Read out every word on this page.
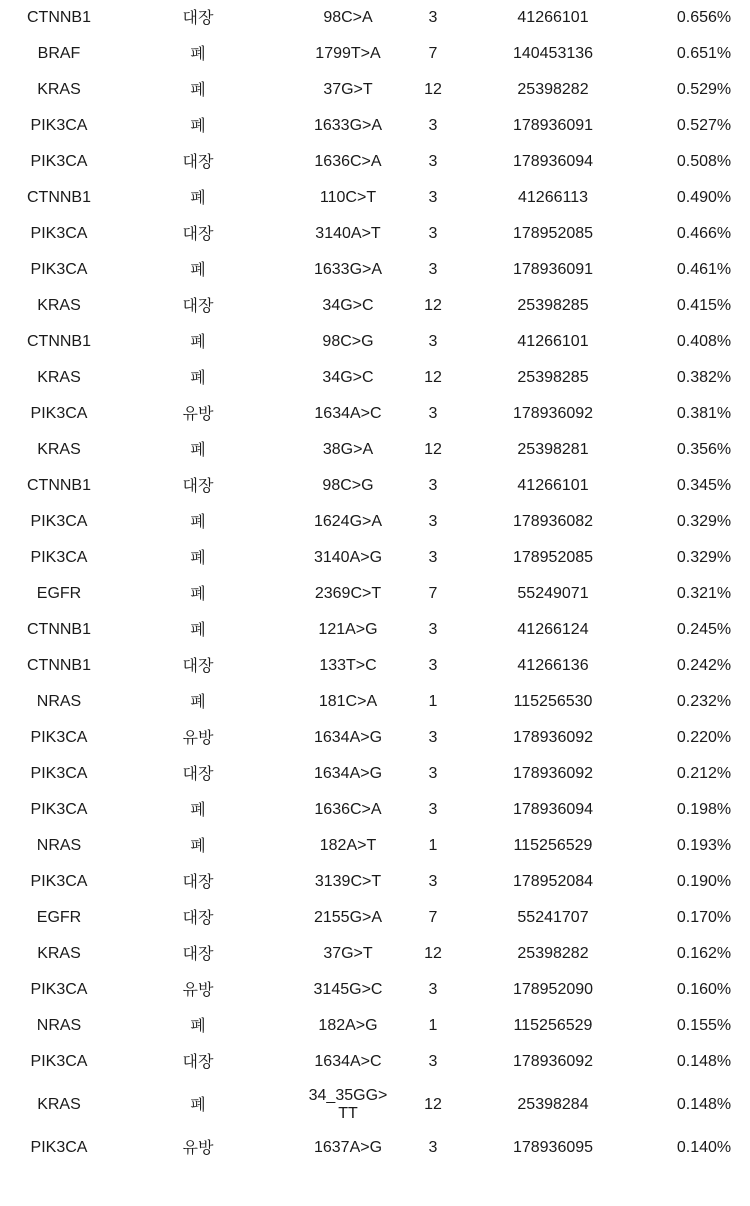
CTNNB1	대장	98C>A	3	41266101	0.656%
BRAF	폐	1799T>A	7	140453136	0.651%
KRAS	폐	37G>T	12	25398282	0.529%
PIK3CA	폐	1633G>A	3	178936091	0.527%
PIK3CA	대장	1636C>A	3	178936094	0.508%
CTNNB1	폐	110C>T	3	41266113	0.490%
PIK3CA	대장	3140A>T	3	178952085	0.466%
PIK3CA	폐	1633G>A	3	178936091	0.461%
KRAS	대장	34G>C	12	25398285	0.415%
CTNNB1	폐	98C>G	3	41266101	0.408%
KRAS	폐	34G>C	12	25398285	0.382%
PIK3CA	유방	1634A>C	3	178936092	0.381%
KRAS	폐	38G>A	12	25398281	0.356%
CTNNB1	대장	98C>G	3	41266101	0.345%
PIK3CA	폐	1624G>A	3	178936082	0.329%
PIK3CA	폐	3140A>G	3	178952085	0.329%
EGFR	폐	2369C>T	7	55249071	0.321%
CTNNB1	폐	121A>G	3	41266124	0.245%
CTNNB1	대장	133T>C	3	41266136	0.242%
NRAS	폐	181C>A	1	115256530	0.232%
PIK3CA	유방	1634A>G	3	178936092	0.220%
PIK3CA	대장	1634A>G	3	178936092	0.212%
PIK3CA	폐	1636C>A	3	178936094	0.198%
NRAS	폐	182A>T	1	115256529	0.193%
PIK3CA	대장	3139C>T	3	178952084	0.190%
EGFR	대장	2155G>A	7	55241707	0.170%
KRAS	대장	37G>T	12	25398282	0.162%
PIK3CA	유방	3145G>C	3	178952090	0.160%
NRAS	폐	182A>G	1	115256529	0.155%
PIK3CA	대장	1634A>C	3	178936092	0.148%
KRAS	폐	34_35GG>TT	12	25398284	0.148%
PIK3CA	유방	1637A>G	3	178936095	0.140%
